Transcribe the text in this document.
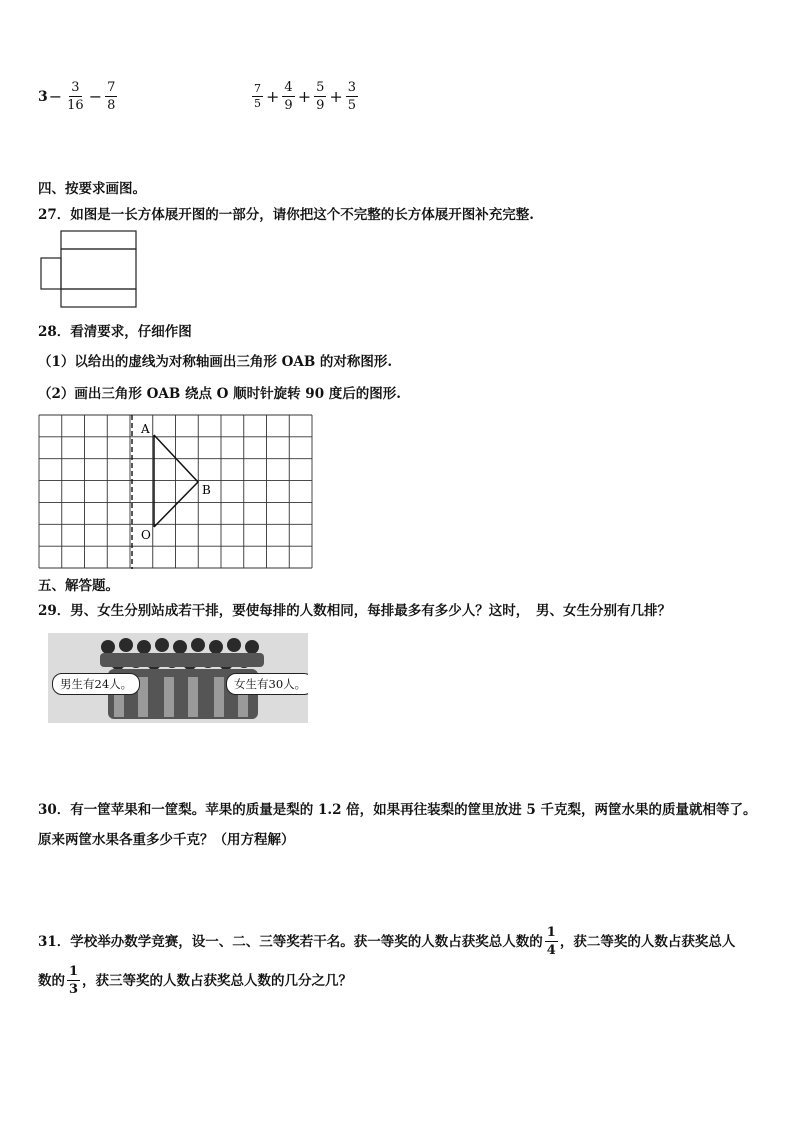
$3 - \frac{3}{16} - \frac{7}{8}$	$\frac{7}{5} + \frac{4}{9} + \frac{5}{9} + \frac{3}{5}$
四、按要求画图。
27．如图是一长方体展开图的一部分，请你把这个不完整的长方体展开图补充完整.
28．看清要求，仔细作图
（1）以给出的虚线为对称轴画出三角形 OAB 的对称图形.
（2）画出三角形 OAB 绕点 O 顺时针旋转 90 度后的图形.
A
B
O
五、解答题。
29．男、女生分别站成若干排，要使每排的人数相同，每排最多有多少人？这时，　男、女生分别有几排？
男生有24人。	女生有30人。
30．有一筐苹果和一筐梨。苹果的质量是梨的 1.2 倍，如果再往装梨的筐里放进 5 千克梨，两筐水果的质量就相等了。
原来两筐水果各重多少千克？（用方程解）
31．学校举办数学竞赛，设一、二、三等奖若干名。获一等奖的人数占获奖总人数的 $\frac{1}{4}$ ，获二等奖的人数占获奖总人
数的 $\frac{1}{3}$ ，获三等奖的人数占获奖总人数的几分之几？
